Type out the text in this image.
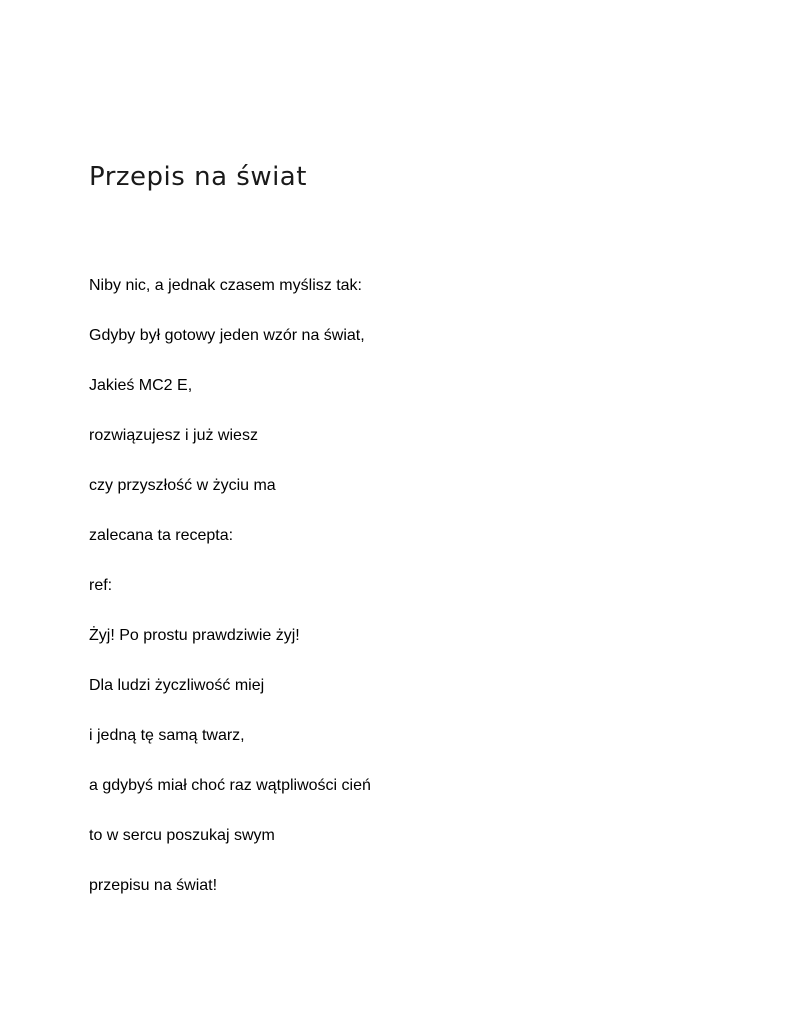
Przepis na świat

Niby nic, a jednak czasem myślisz tak:

Gdyby był gotowy jeden wzór na świat,

Jakieś MC2 E,

rozwiązujesz i już wiesz

czy przyszłość w życiu ma

zalecana ta recepta:

ref:

Żyj! Po prostu prawdziwie żyj!

Dla ludzi życzliwość miej

i jedną tę samą twarz,

a gdybyś miał choć raz wątpliwości cień

to w sercu poszukaj swym

przepisu na świat!
